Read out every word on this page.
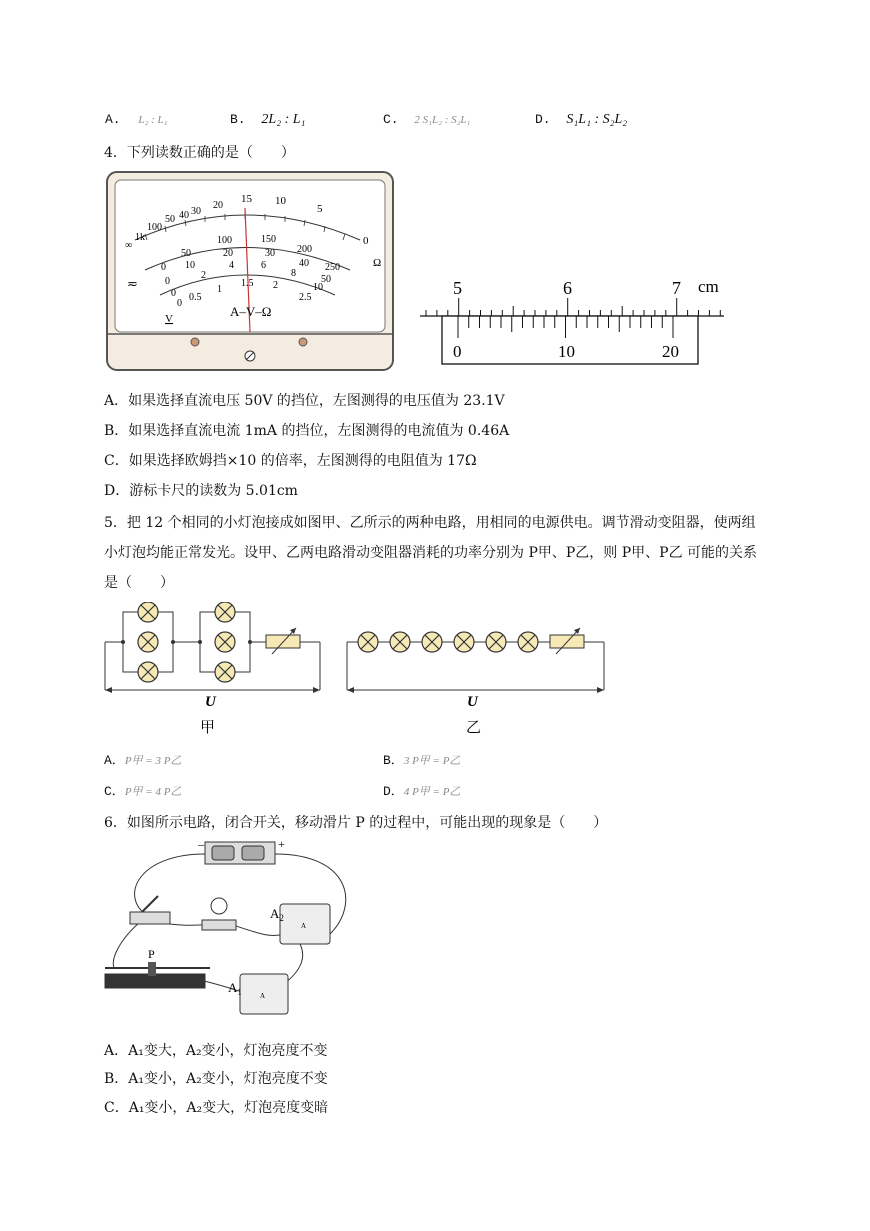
A. L₂ : L₁	B. 2L₂ : L₁	C. 2 S₁L₂ : S₂L₁	D. S₁L₁ : S₂L₂
4．下列读数正确的是（　　）
∞
1k
100
50 40 30
20
15 10
5
0
Ω
0
50
100	150
200
250
0
10
20	30
40
50
0
2
4	6
8
10
0
0.5
1
1.5 2
2.5
≂
V	A–V–Ω
5	6	7 cm
0	10	20
A．如果选择直流电压 50V 的挡位，左图测得的电压值为 23.1V
B．如果选择直流电流 1mA 的挡位，左图测得的电流值为 0.46A
C．如果选择欧姆挡×10 的倍率，左图测得的电阻值为 17Ω
D．游标卡尺的读数为 5.01cm
5．把 12 个相同的小灯泡接成如图甲、乙所示的两种电路，用相同的电源供电。调节滑动变阻器，使两组
小灯泡均能正常发光。设甲、乙两电路滑动变阻器消耗的功率分别为 P甲、P乙，则 P甲、P乙 可能的关系
是（　　）
U
甲
U
乙
A．P甲 = 3 P乙	B．3 P甲 = P乙
C．P甲 = 4 P乙	D．4 P甲 = P乙
6．如图所示电路，闭合开关，移动滑片 P 的过程中，可能出现的现象是（　　）
–	+
A
$A_2$
P
A
$A_1$
A．A₁变大，A₂变小，灯泡亮度不变
B．A₁变小，A₂变小，灯泡亮度不变
C．A₁变小，A₂变大，灯泡亮度变暗
